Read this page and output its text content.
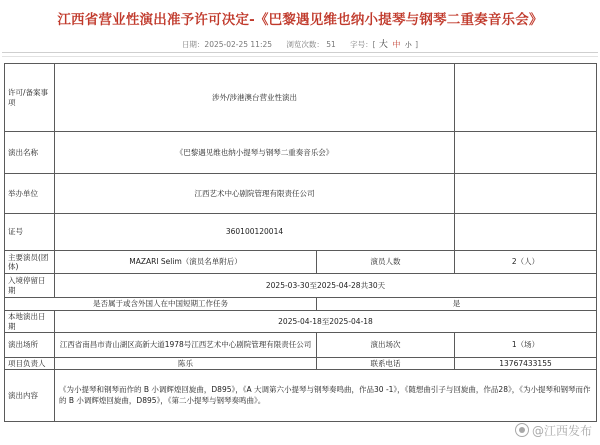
江西省营业性演出准予许可决定-《巴黎遇见维也纳小提琴与钢琴二重奏音乐会》
日期：2025-02-25 11:25 浏览次数： 51 字号：[ 大 中 小 ]
许可/备案事项	涉外/涉港澳台营业性演出		
演出名称	《巴黎遇见维也纳小提琴与钢琴二重奏音乐会》		
举办单位	江西艺术中心剧院管理有限责任公司		
证号	360100120014		
主要演员(团体)	MAZARI Selim（演员名单附后）	演员人数	2（人）
入境停留日期	2025-03-30至2025-04-28共30天		
是否属于或含外国人在中国短期工作任务		是	
本地演出日期	2025-04-18至2025-04-18		
演出场所	江西省南昌市青山湖区高新大道1978号江西艺术中心剧院管理有限责任公司	演出场次	1（场）
项目负责人	陈乐	联系电话	13767433155
演出内容	《为小提琴和钢琴而作的 B 小调辉煌回旋曲，D895》，《A 大调第六小提琴与钢琴奏鸣曲，作品30 -1》，《随想曲引子与回旋曲，作品28》，《为小提琴和钢琴而作的 B 小调辉煌回旋曲，D895》，《第二小提琴与钢琴奏鸣曲》。		
@江西发布
